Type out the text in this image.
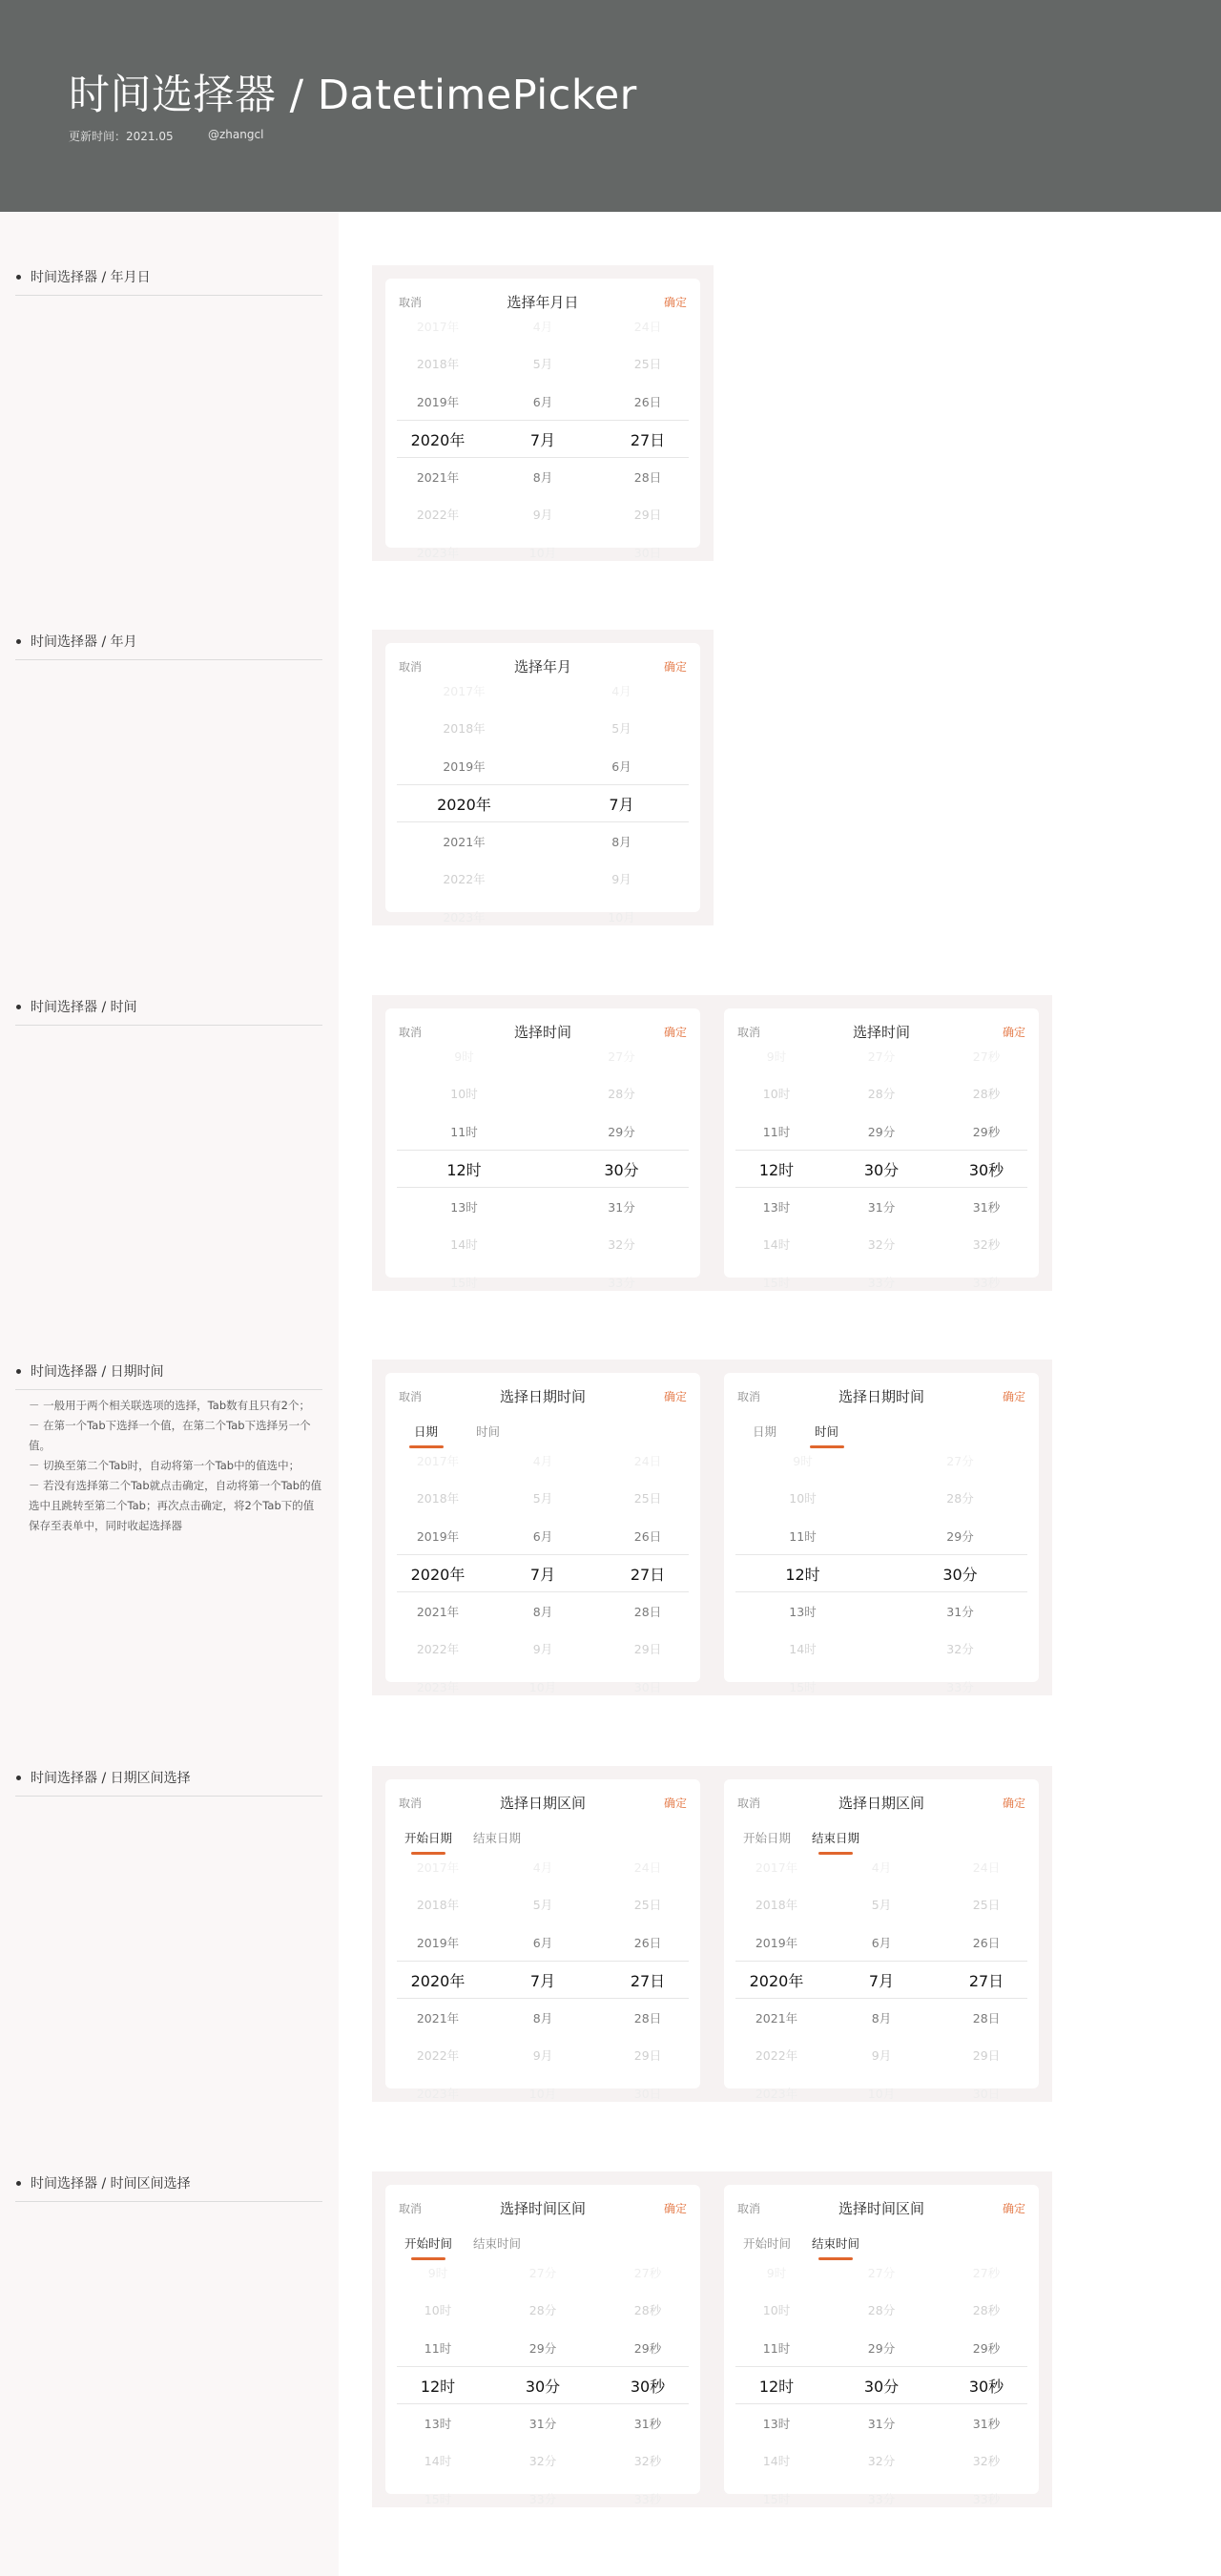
时间选择器 / DatetimePicker
更新时间：2021.05	@zhangcl
时间选择器 / 年月日
取消	选择年月日	确定
2017年	4月	24日
2018年	5月	25日
2019年	6月	26日
2020年	7月	27日
2021年	8月	28日
2022年	9月	29日
2023年	10月	30日
时间选择器 / 年月
取消	选择年月	确定
2017年	4月
2018年	5月
2019年	6月
2020年	7月
2021年	8月
2022年	9月
2023年	10月
时间选择器 / 时间
取消	选择时间	确定
9时	27分
10时	28分
11时	29分
12时	30分
13时	31分
14时	32分
15时	33分
取消	选择时间	确定
9时	27分	27秒
10时	28分	28秒
11时	29分	29秒
12时	30分	30秒
13时	31分	31秒
14时	32分	32秒
15时	33分	33秒
时间选择器 / 日期时间
－ 一般用于两个相关联选项的选择，Tab数有且只有2个；
－ 在第一个Tab下选择一个值，在第二个Tab下选择另一个值。
－ 切换至第二个Tab时，自动将第一个Tab中的值选中；
－ 若没有选择第二个Tab就点击确定，自动将第一个Tab的值选中且跳转至第二个Tab；再次点击确定，将2个Tab下的值保存至表单中，同时收起选择器
取消	选择日期时间	确定
日期	时间
2017年	4月	24日
2018年	5月	25日
2019年	6月	26日
2020年	7月	27日
2021年	8月	28日
2022年	9月	29日
2023年	10月	30日
取消	选择日期时间	确定
日期	时间
9时	27分
10时	28分
11时	29分
12时	30分
13时	31分
14时	32分
15时	33分
时间选择器 / 日期区间选择
取消	选择日期区间	确定
开始日期 结束日期
2017年	4月	24日
2018年	5月	25日
2019年	6月	26日
2020年	7月	27日
2021年	8月	28日
2022年	9月	29日
2023年	10月	30日
取消	选择日期区间	确定
开始日期 结束日期
2017年	4月	24日
2018年	5月	25日
2019年	6月	26日
2020年	7月	27日
2021年	8月	28日
2022年	9月	29日
2023年	10月	30日
时间选择器 / 时间区间选择
取消	选择时间区间	确定
开始时间 结束时间
9时	27分	27秒
10时	28分	28秒
11时	29分	29秒
12时	30分	30秒
13时	31分	31秒
14时	32分	32秒
15时	33分	33秒
取消	选择时间区间	确定
开始时间 结束时间
9时	27分	27秒
10时	28分	28秒
11时	29分	29秒
12时	30分	30秒
13时	31分	31秒
14时	32分	32秒
15时	33分	33秒
